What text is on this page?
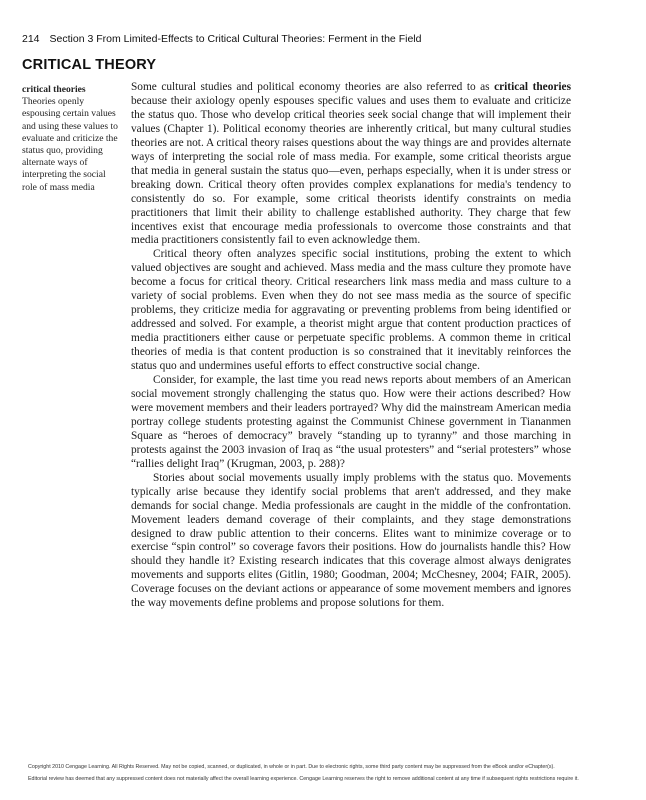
214 Section 3 From Limited-Effects to Critical Cultural Theories: Ferment in the Field
CRITICAL THEORY
critical theories
Theories openly espousing certain values and using these values to evaluate and criticize the status quo, providing alternate ways of interpreting the social role of mass media

Some cultural studies and political economy theories are also referred to as critical theories because their axiology openly espouses specific values and uses them to evaluate and criticize the status quo. Those who develop critical theories seek social change that will implement their values (Chapter 1). Political economy theories are inherently critical, but many cultural studies theories are not. A critical theory raises questions about the way things are and provides alternate ways of interpreting the social role of mass media. For example, some critical theorists argue that media in general sustain the status quo—even, perhaps especially, when it is under stress or breaking down. Critical theory often provides complex explanations for media's tendency to consistently do so. For example, some critical theorists identify constraints on media practitioners that limit their ability to challenge established authority. They charge that few incentives exist that encourage media professionals to overcome those constraints and that media practitioners consistently fail to even acknowledge them.

Critical theory often analyzes specific social institutions, probing the extent to which valued objectives are sought and achieved. Mass media and the mass culture they promote have become a focus for critical theory. Critical researchers link mass media and mass culture to a variety of social problems. Even when they do not see mass media as the source of specific problems, they criticize media for aggravating or preventing problems from being identified or addressed and solved. For example, a theorist might argue that content production practices of media practitioners either cause or perpetuate specific problems. A common theme in critical theories of media is that content production is so constrained that it inevitably reinforces the status quo and undermines useful efforts to effect constructive social change.

Consider, for example, the last time you read news reports about members of an American social movement strongly challenging the status quo. How were their actions described? How were movement members and their leaders portrayed? Why did the mainstream American media portray college students protesting against the Communist Chinese government in Tiananmen Square as “heroes of democracy” bravely “standing up to tyranny” and those marching in protests against the 2003 invasion of Iraq as “the usual protesters” and “serial protesters” whose “rallies delight Iraq” (Krugman, 2003, p. 288)?

Stories about social movements usually imply problems with the status quo. Movements typically arise because they identify social problems that aren't addressed, and they make demands for social change. Media professionals are caught in the middle of the confrontation. Movement leaders demand coverage of their complaints, and they stage demonstrations designed to draw public attention to their concerns. Elites want to minimize coverage or to exercise “spin control” so coverage favors their positions. How do journalists handle this? How should they handle it? Existing research indicates that this coverage almost always denigrates movements and supports elites (Gitlin, 1980; Goodman, 2004; McChesney, 2004; FAIR, 2005). Coverage focuses on the deviant actions or appearance of some movement members and ignores the way movements define problems and propose solutions for them.

Copyright 2010 Cengage Learning. All Rights Reserved. May not be copied, scanned, or duplicated, in whole or in part. Due to electronic rights, some third party content may be suppressed from the eBook and/or eChapter(s).
Editorial review has deemed that any suppressed content does not materially affect the overall learning experience. Cengage Learning reserves the right to remove additional content at any time if subsequent rights restrictions require it.
